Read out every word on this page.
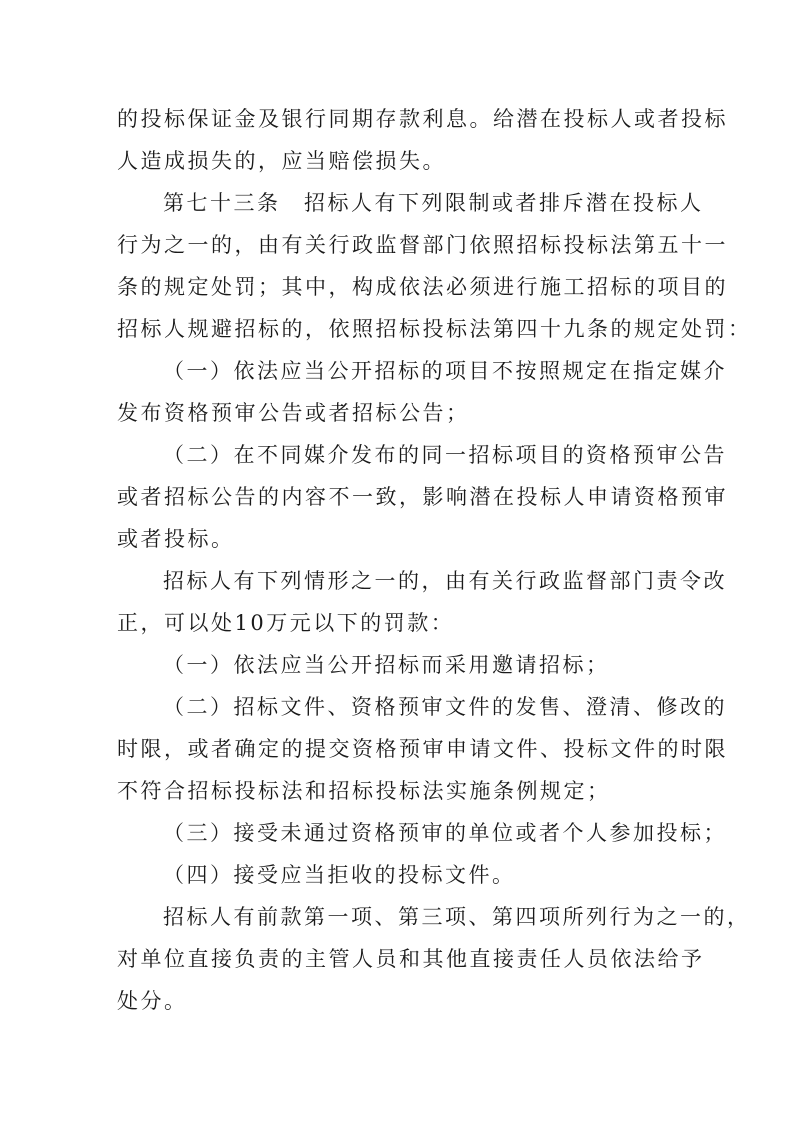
的投标保证金及银行同期存款利息。给潜在投标人或者投标
人造成损失的，应当赔偿损失。
第七十三条　招标人有下列限制或者排斥潜在投标人
行为之一的，由有关行政监督部门依照招标投标法第五十一
条的规定处罚；其中，构成依法必须进行施工招标的项目的
招标人规避招标的，依照招标投标法第四十九条的规定处罚：
（一）依法应当公开招标的项目不按照规定在指定媒介
发布资格预审公告或者招标公告；
（二）在不同媒介发布的同一招标项目的资格预审公告
或者招标公告的内容不一致，影响潜在投标人申请资格预审
或者投标。
招标人有下列情形之一的，由有关行政监督部门责令改
正，可以处10万元以下的罚款：
（一）依法应当公开招标而采用邀请招标；
（二）招标文件、资格预审文件的发售、澄清、修改的
时限，或者确定的提交资格预审申请文件、投标文件的时限
不符合招标投标法和招标投标法实施条例规定；
（三）接受未通过资格预审的单位或者个人参加投标；
（四）接受应当拒收的投标文件。
招标人有前款第一项、第三项、第四项所列行为之一的，
对单位直接负责的主管人员和其他直接责任人员依法给予
处分。
